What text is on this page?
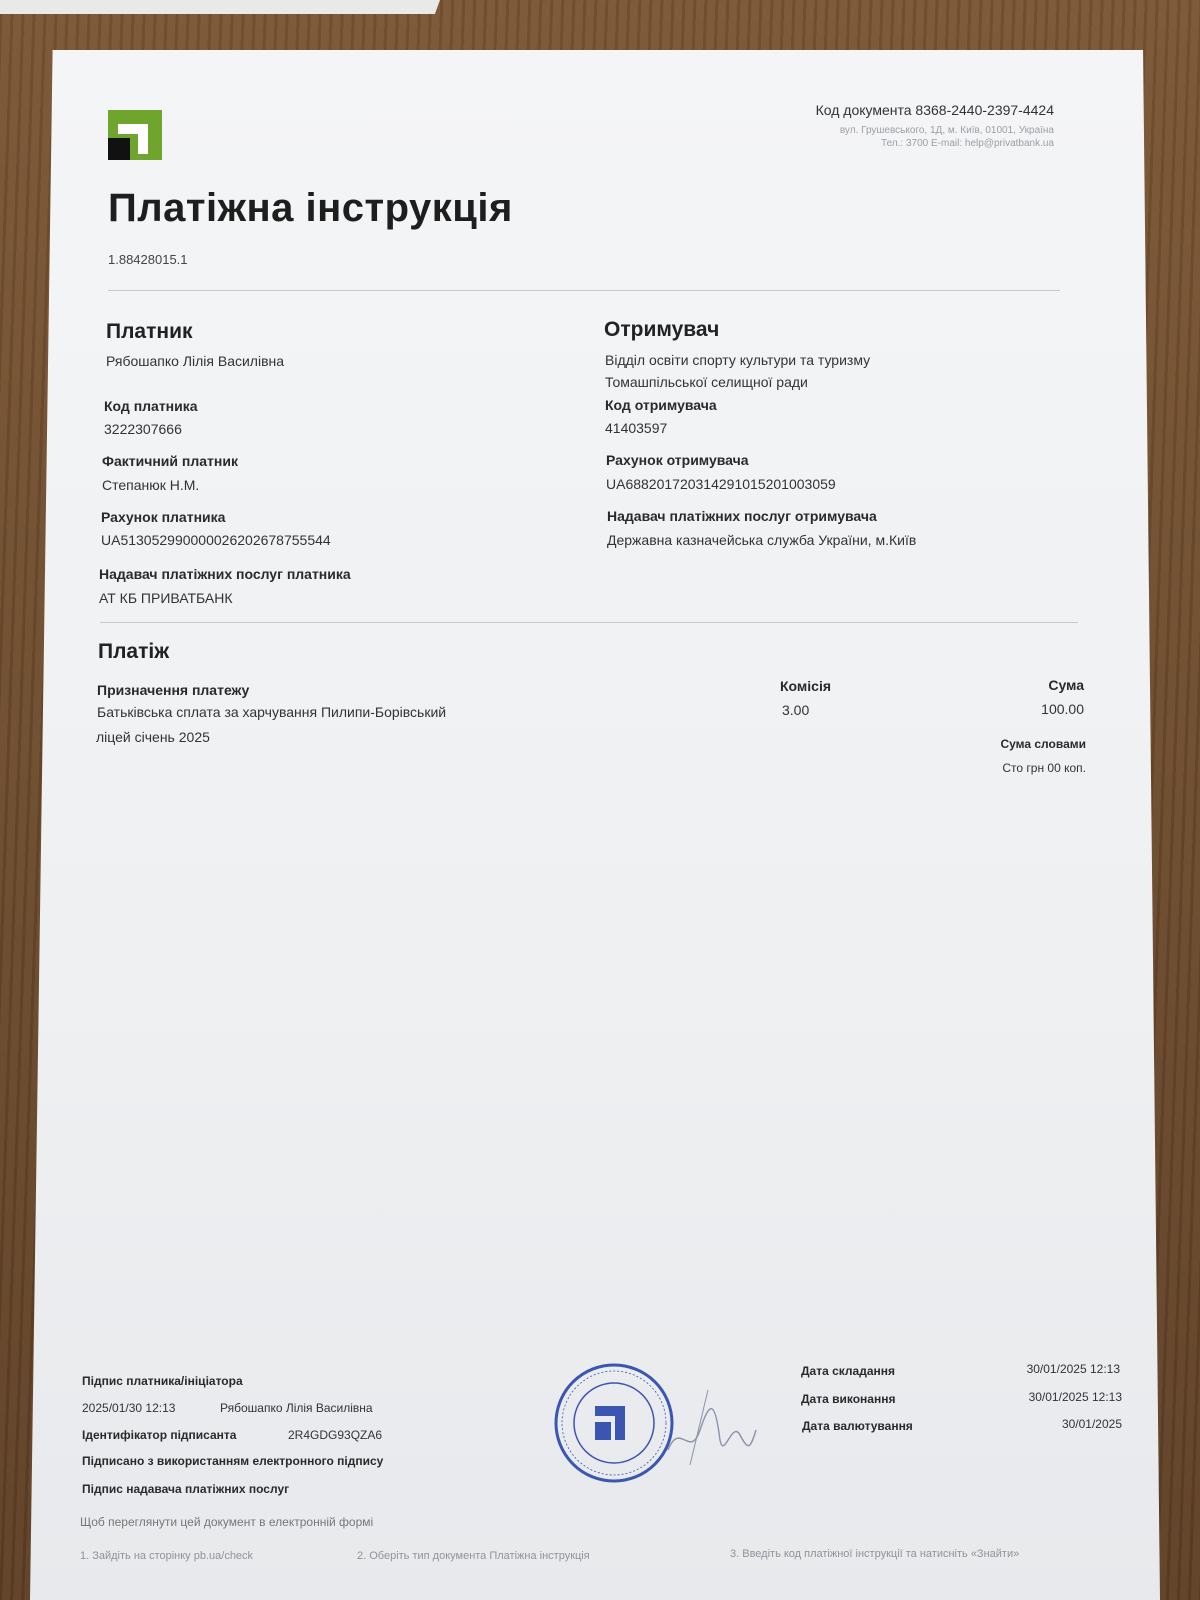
Код документа 8368-2440-2397-4424
вул. Грушевського, 1Д, м. Київ, 01001, Україна
Тел.: 3700 E-mail: help@privatbank.ua
Платіжна інструкція
1.88428015.1
Платник
Рябошапко Лілія Василівна
Код платника
3222307666
Фактичний платник
Степанюк Н.М.
Рахунок платника
UA513052990000026202678755544
Надавач платіжних послуг платника
АТ КБ ПРИВАТБАНК
Отримувач
Відділ освіти спорту культури та туризму
Томашпільської селищної ради
Код отримувача
41403597
Рахунок отримувача
UA688201720314291015201003059
Надавач платіжних послуг отримувача
Державна казначейська служба України, м.Київ
Платіж
Призначення платежу
Батьківська сплата за харчування Пилипи-Борівський
ліцей січень 2025
Комісія
3.00
Сума
100.00
Сума словами
Сто грн 00 коп.
Підпис платника/ініціатора
2025/01/30 12:13	Рябошапко Лілія Василівна
Ідентифікатор підписанта	2R4GDG93QZA6
Підписано з використанням електронного підпису
Підпис надавача платіжних послуг
Дата складання	30/01/2025 12:13
Дата виконання	30/01/2025 12:13
Дата валютування	30/01/2025
Щоб переглянути цей документ в електронній формі
1. Зайдіть на сторінку pb.ua/check	2. Оберіть тип документа Платіжна інструкція	3. Введіть код платіжної інструкції та натисніть «Знайти»
